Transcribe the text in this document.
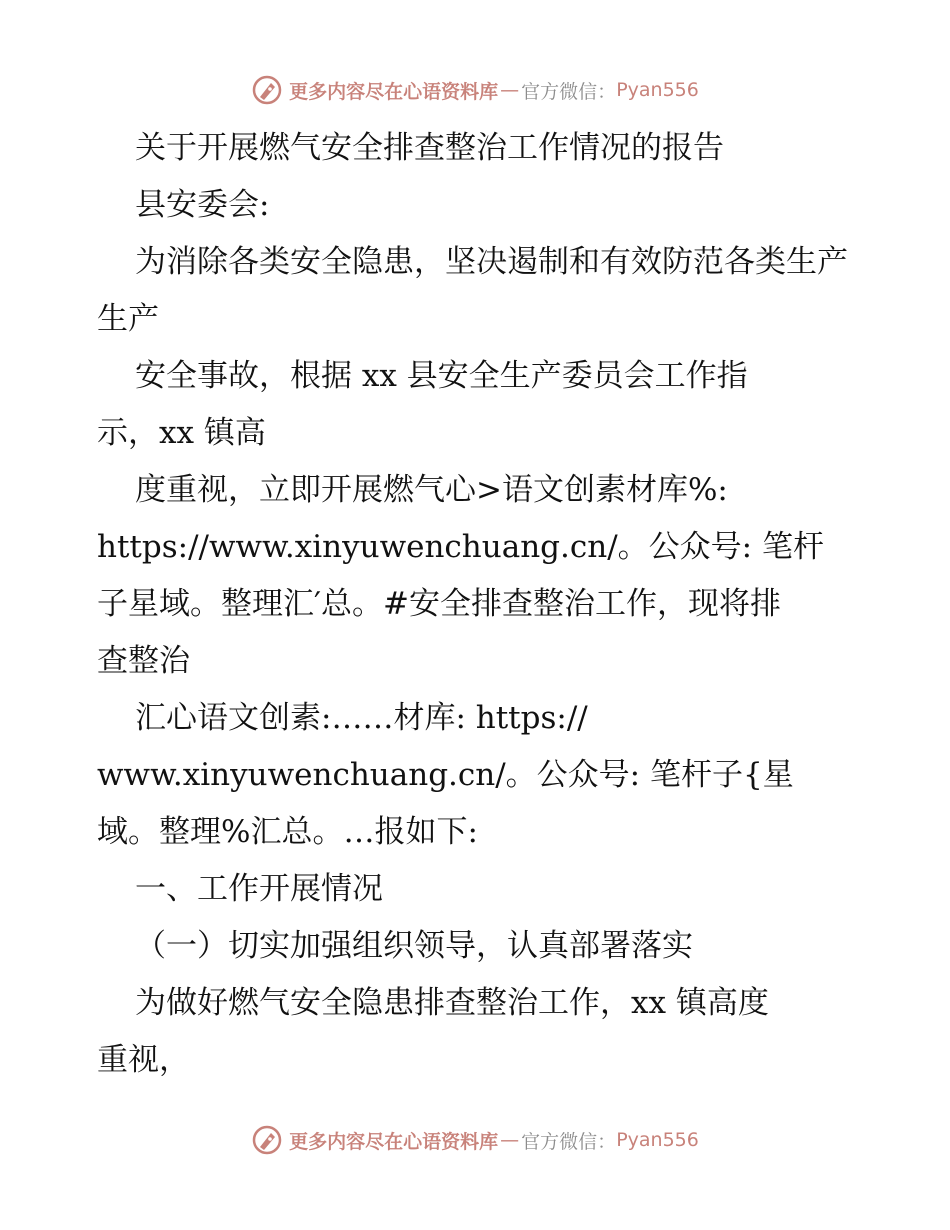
更多内容尽在心语资料库 — 官方微信： Pyan556
关于开展燃气安全排查整治工作情况的报告
县安委会:
为消除各类安全隐患，坚决遏制和有效防范各类生产
生产
安全事故，根据 xx 县安全生产委员会工作指
示，xx 镇高
度重视，立即开展燃气心>语文创素材库%:
https://www.xinyuwenchuang.cn/。公众号: 笔杆
子星域。整理汇′总。#安全排查整治工作，现将排
查整治
汇心语文创素:……材库: https://
www.xinyuwenchuang.cn/。公众号: 笔杆子{星
域。整理%汇总。…报如下:
一、工作开展情况
（一）切实加强组织领导，认真部署落实
为做好燃气安全隐患排查整治工作，xx 镇高度
重视，
更多内容尽在心语资料库 — 官方微信： Pyan556
